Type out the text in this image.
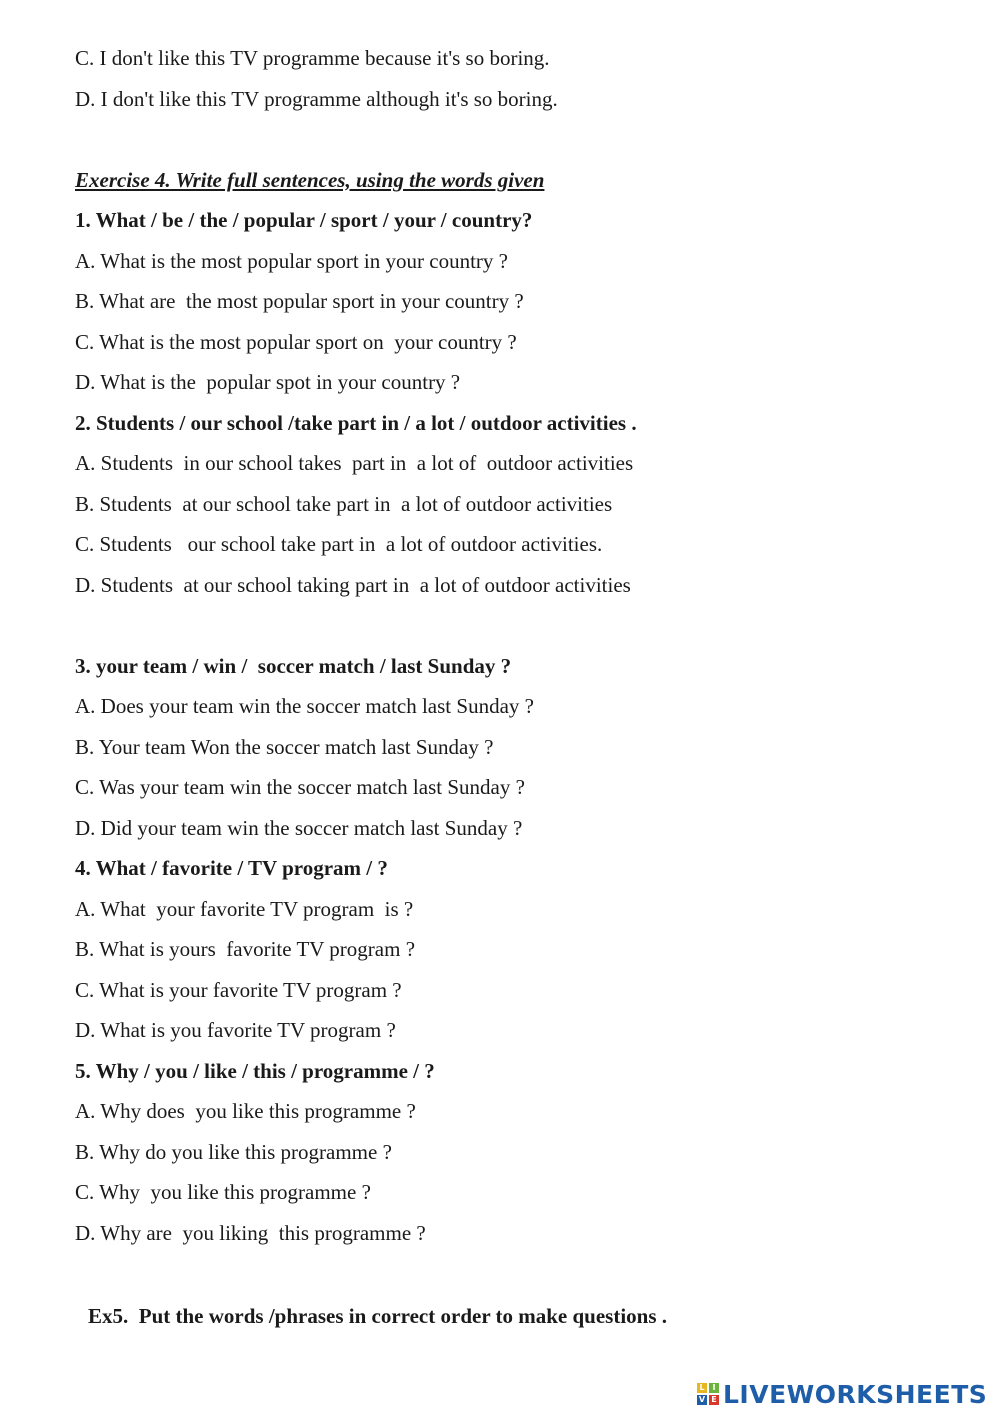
C. I don't like this TV programme because it's so boring.
D. I don't like this TV programme although it's so boring.
Exercise 4. Write full sentences, using the words given
1. What / be / the / popular / sport / your / country?
A. What is the most popular sport in your country ?
B. What are  the most popular sport in your country ?
C. What is the most popular sport on  your country ?
D. What is the  popular spot in your country ?
2. Students / our school /take part in / a lot / outdoor activities .
A. Students  in our school takes  part in  a lot of  outdoor activities
B. Students  at our school take part in  a lot of outdoor activities
C. Students   our school take part in  a lot of outdoor activities.
D. Students  at our school taking part in  a lot of outdoor activities
3. your team / win /  soccer match / last Sunday ?
A. Does your team win the soccer match last Sunday ?
B. Your team Won the soccer match last Sunday ?
C. Was your team win the soccer match last Sunday ?
D. Did your team win the soccer match last Sunday ?
4. What / favorite / TV program / ?
A. What  your favorite TV program  is ?
B. What is yours  favorite TV program ?
C. What is your favorite TV program ?
D. What is you favorite TV program ?
5. Why / you / like / this / programme / ?
A. Why does  you like this programme ?
B. Why do you like this programme ?
C. Why  you like this programme ?
D. Why are  you liking  this programme ?
Ex5.  Put the words /phrases in correct order to make questions .
L I
V E LIVEWORKSHEETS
